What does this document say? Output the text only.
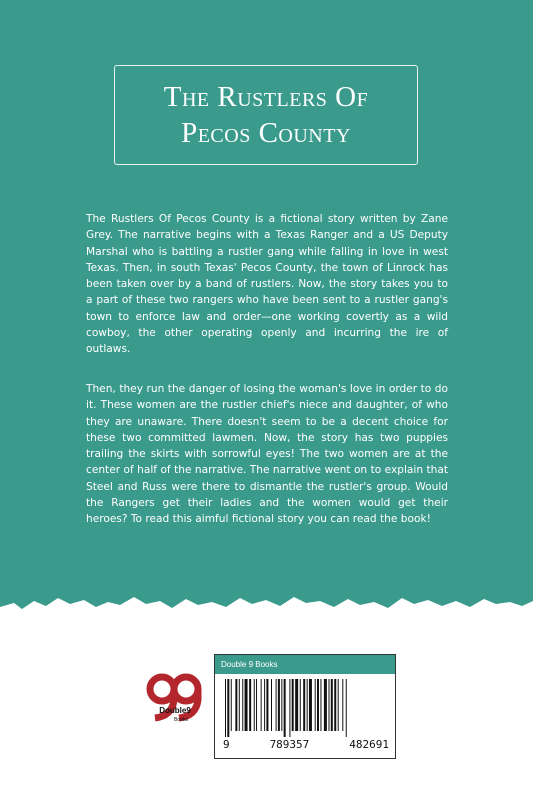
The Rustlers Of
Pecos County

The Rustlers Of Pecos County is a fictional story written by Zane Grey. The narrative begins with a Texas Ranger and a US Deputy Marshal who is battling a rustler gang while falling in love in west Texas. Then, in south Texas' Pecos County, the town of Linrock has been taken over by a band of rustlers. Now, the story takes you to a part of these two rangers who have been sent to a rustler gang's town to enforce law and order—one working covertly as a wild cowboy, the other operating openly and incurring the ire of outlaws.

Then, they run the danger of losing the woman's love in order to do it. These women are the rustler chief's niece and daughter, of who they are unaware. There doesn't seem to be a decent choice for these two committed lawmen. Now, the story has two puppies trailing the skirts with sorrowful eyes! The two women are at the center of half of the narrative. The narrative went on to explain that Steel and Russ were there to dismantle the rustler's group. Would the Rangers get their ladies and the women would get their heroes? To read this aimful fictional story you can read the book!

Double9
Books
Double 9 Books
9	789357	482691
